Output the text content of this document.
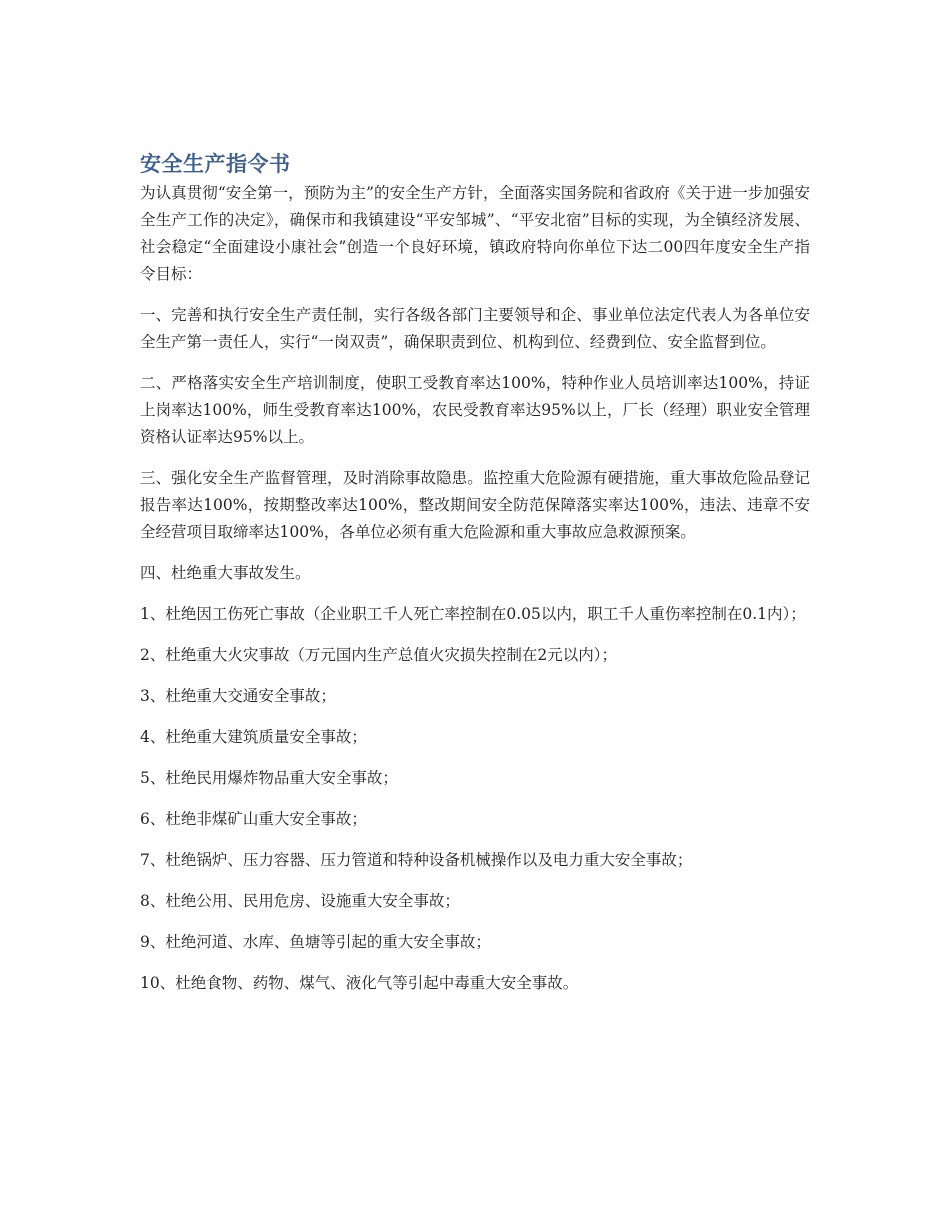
安全生产指令书

为认真贯彻“安全第一，预防为主”的安全生产方针，全面落实国务院和省政府《关于进一步加强安全生产工作的决定》，确保市和我镇建设“平安邹城”、“平安北宿”目标的实现，为全镇经济发展、社会稳定“全面建设小康社会”创造一个良好环境，镇政府特向你单位下达二00四年度安全生产指令目标：

一、完善和执行安全生产责任制，实行各级各部门主要领导和企、事业单位法定代表人为各单位安全生产第一责任人，实行“一岗双责”，确保职责到位、机构到位、经费到位、安全监督到位。

二、严格落实安全生产培训制度，使职工受教育率达100%，特种作业人员培训率达100%，持证上岗率达100%，师生受教育率达100%，农民受教育率达95%以上，厂长（经理）职业安全管理资格认证率达95%以上。

三、强化安全生产监督管理，及时消除事故隐患。监控重大危险源有硬措施，重大事故危险品登记报告率达100%，按期整改率达100%，整改期间安全防范保障落实率达100%，违法、违章不安全经营项目取缔率达100%，各单位必须有重大危险源和重大事故应急救源预案。

四、杜绝重大事故发生。

1、杜绝因工伤死亡事故（企业职工千人死亡率控制在0.05以内，职工千人重伤率控制在0.1内）；

2、杜绝重大火灾事故（万元国内生产总值火灾损失控制在2元以内）；

3、杜绝重大交通安全事故；

4、杜绝重大建筑质量安全事故；

5、杜绝民用爆炸物品重大安全事故；

6、杜绝非煤矿山重大安全事故；

7、杜绝锅炉、压力容器、压力管道和特种设备机械操作以及电力重大安全事故；

8、杜绝公用、民用危房、设施重大安全事故；

9、杜绝河道、水库、鱼塘等引起的重大安全事故；

10、杜绝食物、药物、煤气、液化气等引起中毒重大安全事故。
